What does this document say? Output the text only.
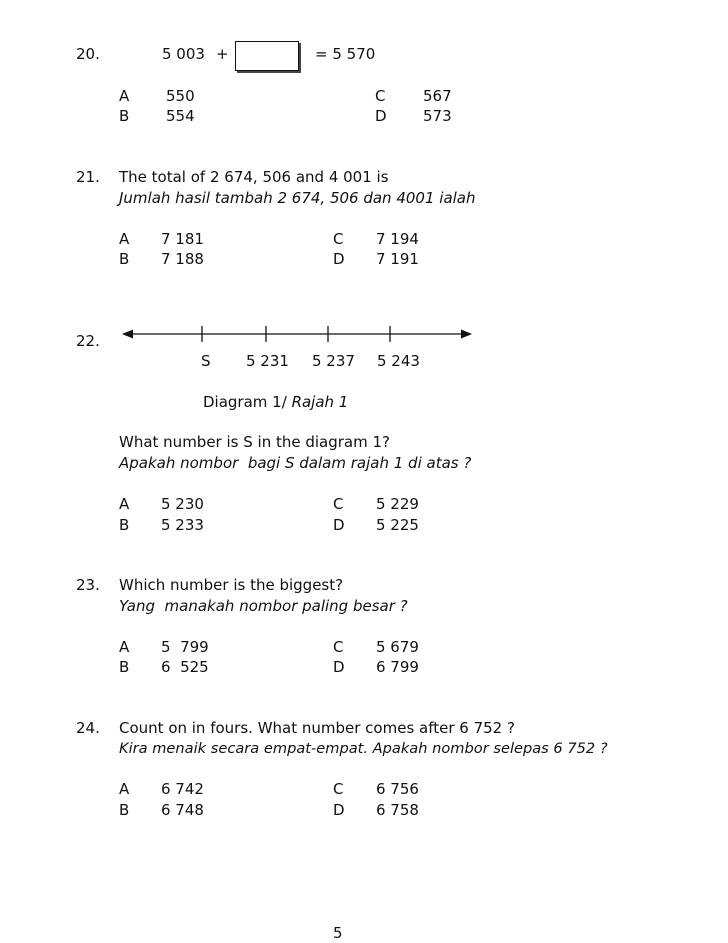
20.	5 003 +	= 5 570
A 550
B 554
C	567
D 573
21. The total of 2 674, 506 and 4 001 is
Jumlah hasil tambah 2 674, 506 dan 4001 ialah
A 7 181
B 7 188
C 7 194
D 7 191
22.
S 5 231 5 237 5 243
Diagram 1/ Rajah 1
What number is S in the diagram 1?
Apakah nombor  bagi S dalam rajah 1 di atas ?
A 5 230
B 5 233
C 5 229
D 5 225
23. Which number is the biggest?
Yang  manakah nombor paling besar ?
A 5  799
B 6  525
C 5 679
D 6 799
24. Count on in fours. What number comes after 6 752 ?
Kira menaik secara empat-empat. Apakah nombor selepas 6 752 ?
A 6 742
B 6 748
C 6 756
D 6 758
5
